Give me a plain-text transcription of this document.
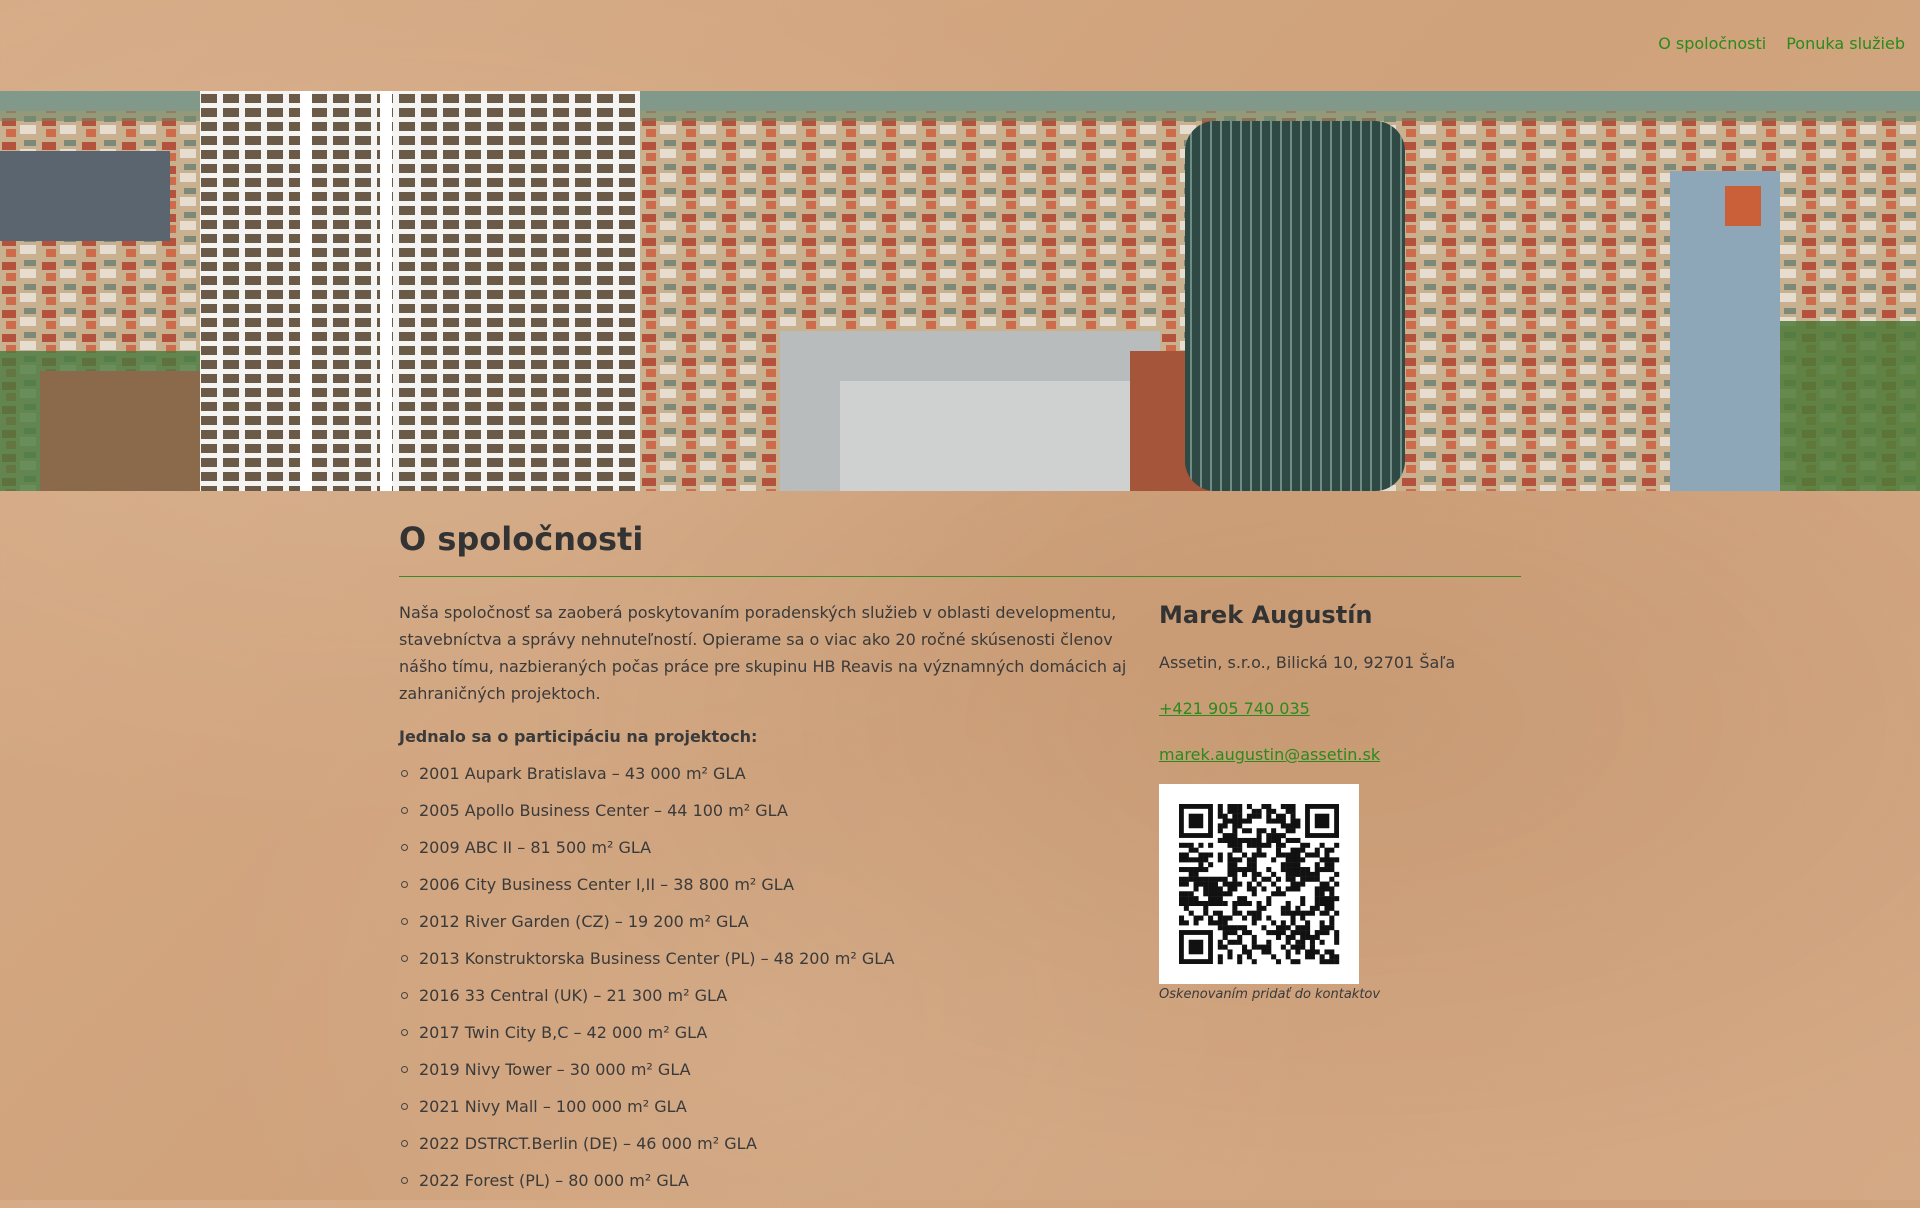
O spoločnosti Ponuka služieb
O spoločnosti

Naša spoločnosť sa zaoberá poskytovaním poradenských služieb v oblasti developmentu, stavebníctva a správy nehnuteľností. Opierame sa o viac ako 20 ročné skúsenosti členov nášho tímu, nazbieraných počas práce pre skupinu HB Reavis na významných domácich aj zahraničných projektoch.

Jednalo sa o participáciu na projektoch:

2001 Aupark Bratislava – 43 000 m² GLA
2005 Apollo Business Center – 44 100 m² GLA
2009 ABC II – 81 500 m² GLA
2006 City Business Center I,II – 38 800 m² GLA
2012 River Garden (CZ) – 19 200 m² GLA
2013 Konstruktorska Business Center (PL) – 48 200 m² GLA
2016 33 Central (UK) – 21 300 m² GLA
2017 Twin City B,C – 42 000 m² GLA
2019 Nivy Tower – 30 000 m² GLA
2021 Nivy Mall – 100 000 m² GLA
2022 DSTRCT.Berlin (DE) – 46 000 m² GLA
2022 Forest (PL) – 80 000 m² GLA
Marek Augustín

Assetin, s.r.o., Bilická 10, 92701 Šaľa

+421 905 740 035

marek.augustin@assetin.sk

Oskenovaním pridať do kontaktov
